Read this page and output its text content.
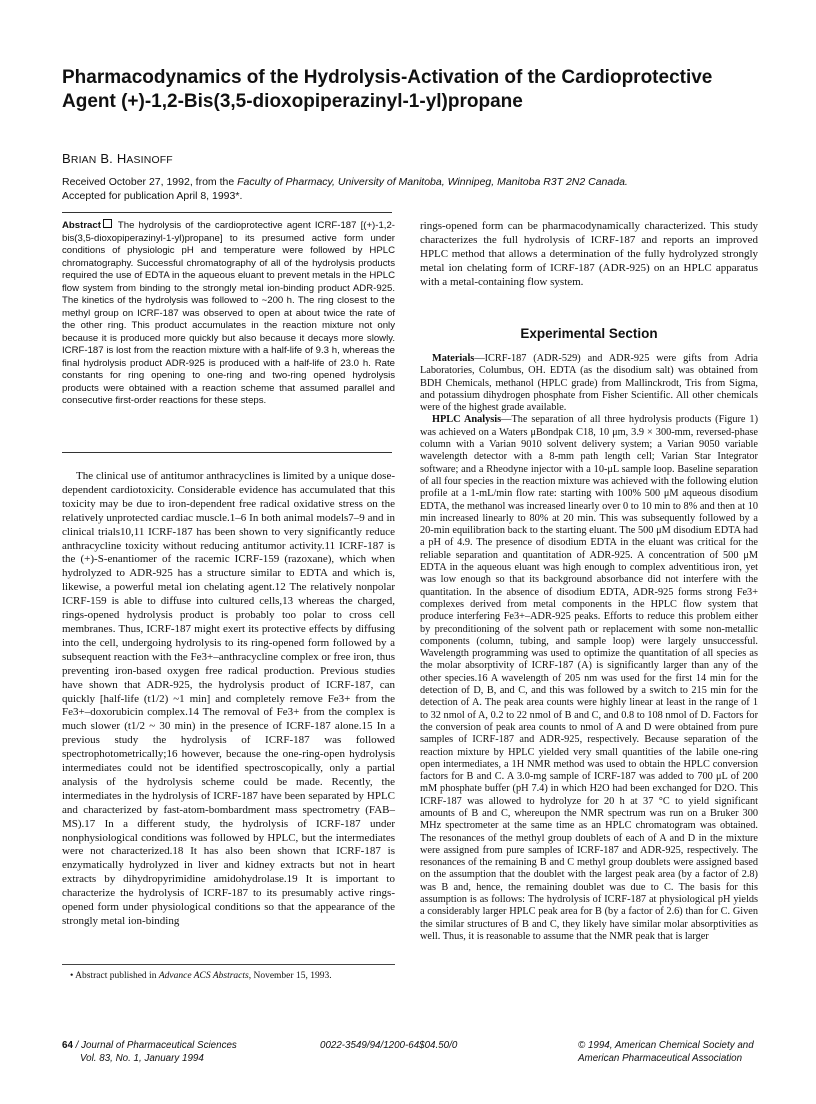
Pharmacodynamics of the Hydrolysis-Activation of the Cardioprotective
Agent (+)-1,2-Bis(3,5-dioxopiperazinyl-1-yl)propane
BRIAN B. HASINOFF
Received October 27, 1992, from the Faculty of Pharmacy, University of Manitoba, Winnipeg, Manitoba R3T 2N2 Canada.
Accepted for publication April 8, 1993*.
Abstract The hydrolysis of the cardioprotective agent ICRF-187 [(+)-1,2-bis(3,5-dioxopiperazinyl-1-yl)propane] to its presumed active form under conditions of physiologic pH and temperature were followed by HPLC chromatography. Successful chromatography of all of the hydrolysis products required the use of EDTA in the aqueous eluant to prevent metals in the HPLC flow system from binding to the strongly metal ion-binding product ADR-925. The kinetics of the hydrolysis was followed to ~200 h. The ring closest to the methyl group on ICRF-187 was observed to open at about twice the rate of the other ring. This product accumulates in the reaction mixture not only because it is produced more quickly but also because it decays more slowly. ICRF-187 is lost from the reaction mixture with a half-life of 9.3 h, whereas the final hydrolysis product ADR-925 is produced with a half-life of 23.0 h. Rate constants for ring opening to one-ring and two-ring opened hydrolysis products were obtained with a reaction scheme that assumed parallel and consecutive first-order reactions for these steps.

The clinical use of antitumor anthracyclines is limited by a unique dose-dependent cardiotoxicity. Considerable evidence has accumulated that this toxicity may be due to iron-dependent free radical oxidative stress on the relatively unprotected cardiac muscle.1–6 In both animal models7–9 and in clinical trials10,11 ICRF-187 has been shown to very significantly reduce anthracycline toxicity without reducing antitumor activity.11 ICRF-187 is the (+)-S-enantiomer of the racemic ICRF-159 (razoxane), which when hydrolyzed to ADR-925 has a structure similar to EDTA and which is, likewise, a powerful metal ion chelating agent.12 The relatively nonpolar ICRF-159 is able to diffuse into cultured cells,13 whereas the charged, rings-opened hydrolysis product is probably too polar to cross cell membranes. Thus, ICRF-187 might exert its protective effects by diffusing into the cell, undergoing hydrolysis to its ring-opened form followed by a subsequent reaction with the Fe3+–anthracycline complex or free iron, thus preventing iron-based oxygen free radical production. Previous studies have shown that ADR-925, the hydrolysis product of ICRF-187, can quickly [half-life (t1/2) ~1 min] and completely remove Fe3+ from the Fe3+–doxorubicin complex.14 The removal of Fe3+ from the complex is much slower (t1/2 ~ 30 min) in the presence of ICRF-187 alone.15 In a previous study the hydrolysis of ICRF-187 was followed spectrophotometrically;16 however, because the one-ring-open hydrolysis intermediates could not be identified spectroscopically, only a partial analysis of the hydrolysis scheme could be made. Recently, the intermediates in the hydrolysis of ICRF-187 have been separated by HPLC and characterized by fast-atom-bombardment mass spectrometry (FAB–MS).17 In a different study, the hydrolysis of ICRF-187 under nonphysiological conditions was followed by HPLC, but the intermediates were not characterized.18 It has also been shown that ICRF-187 is enzymatically hydrolyzed in liver and kidney extracts but not in heart extracts by dihydropyrimidine amidohydrolase.19 It is important to characterize the hydrolysis of ICRF-187 to its presumably active rings-opened form under physiological conditions so that the appearance of the strongly metal ion-binding

• Abstract published in Advance ACS Abstracts, November 15, 1993.

rings-opened form can be pharmacodynamically characterized. This study characterizes the full hydrolysis of ICRF-187 and reports an improved HPLC method that allows a determination of the fully hydrolyzed strongly metal ion chelating form of ICRF-187 (ADR-925) on an HPLC apparatus with a metal-containing flow system.

Experimental Section

Materials—ICRF-187 (ADR-529) and ADR-925 were gifts from Adria Laboratories, Columbus, OH. EDTA (as the disodium salt) was obtained from BDH Chemicals, methanol (HPLC grade) from Mallinckrodt, Tris from Sigma, and potassium dihydrogen phosphate from Fisher Scientific. All other chemicals were of the highest grade available.

HPLC Analysis—The separation of all three hydrolysis products (Figure 1) was achieved on a Waters μBondpak C18, 10 μm, 3.9 × 300-mm, reversed-phase column with a Varian 9010 solvent delivery system; a Varian 9050 variable wavelength detector with a 8-mm path length cell; Varian Star Integrator software; and a Rheodyne injector with a 10-μL sample loop. Baseline separation of all four species in the reaction mixture was achieved with the following elution profile at a 1-mL/min flow rate: starting with 100% 500 μM aqueous disodium EDTA, the methanol was increased linearly over 0 to 10 min to 8% and then at 10 min increased linearly to 80% at 20 min. This was subsequently followed by a 20-min equilibration back to the starting eluant. The 500 μM disodium EDTA had a pH of 4.9. The presence of disodium EDTA in the eluant was critical for the reliable separation and quantitation of ADR-925. A concentration of 500 μM EDTA in the aqueous eluant was high enough to complex adventitious iron, yet was low enough so that its background absorbance did not interfere with the quantitation. In the absence of disodium EDTA, ADR-925 forms strong Fe3+ complexes derived from metal components in the HPLC flow system that produce interfering Fe3+–ADR-925 peaks. Efforts to reduce this problem either by preconditioning of the solvent path or replacement with some non-metallic components (column, tubing, and sample loop) were largely unsuccessful. Wavelength programming was used to optimize the quantitation of all species as the molar absorptivity of ICRF-187 (A) is significantly larger than any of the other species.16 A wavelength of 205 nm was used for the first 14 min for the detection of D, B, and C, and this was followed by a switch to 215 min for the detection of A. The peak area counts were highly linear at least in the range of 1 to 32 nmol of A, 0.2 to 22 nmol of B and C, and 0.8 to 108 nmol of D. Factors for the conversion of peak area counts to nmol of A and D were obtained from pure samples of ICRF-187 and ADR-925, respectively. Because separation of the reaction mixture by HPLC yielded very small quantities of the labile one-ring open intermediates, a 1H NMR method was used to obtain the HPLC conversion factors for B and C. A 3.0-mg sample of ICRF-187 was added to 700 μL of 200 mM phosphate buffer (pH 7.4) in which H2O had been exchanged for D2O. This ICRF-187 was allowed to hydrolyze for 20 h at 37 °C to yield significant amounts of B and C, whereupon the NMR spectrum was run on a Bruker 300 MHz spectrometer at the same time as an HPLC chromatogram was obtained. The resonances of the methyl group doublets of each of A and D in the mixture were assigned from pure samples of ICRF-187 and ADR-925, respectively. The resonances of the remaining B and C methyl group doublets were assigned based on the assumption that the doublet with the largest peak area (by a factor of 2.8) was B and, hence, the remaining doublet was due to C. The basis for this assumption is as follows: The hydrolysis of ICRF-187 at physiological pH yields a considerably larger HPLC peak area for B (by a factor of 2.6) than for C. Given the similar structures of B and C, they likely have similar molar absorptivities as well. Thus, it is reasonable to assume that the NMR peak that is larger

64 / Journal of Pharmaceutical Sciences
Vol. 83, No. 1, January 1994
0022-3549/94/1200-64$04.50/0	© 1994, American Chemical Society and
American Pharmaceutical Association
